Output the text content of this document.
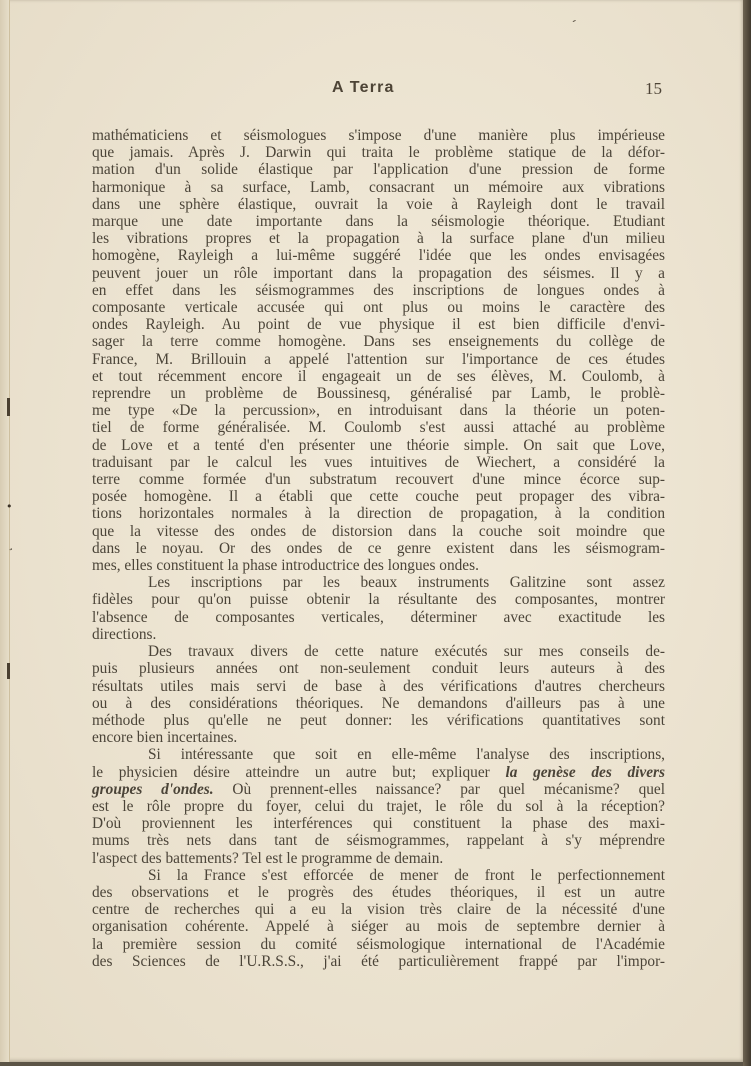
•
¸
-
A Terra	15
mathématiciens et séismologues s'impose d'une manière plus impérieuse
que jamais. Après J. Darwin qui traita le problème statique de la défor-
mation d'un solide élastique par l'application d'une pression de forme
harmonique à sa surface, Lamb, consacrant un mémoire aux vibrations
dans une sphère élastique, ouvrait la voie à Rayleigh dont le travail
marque une date importante dans la séismologie théorique. Etudiant
les vibrations propres et la propagation à la surface plane d'un milieu
homogène, Rayleigh a lui-même suggéré l'idée que les ondes envisagées
peuvent jouer un rôle important dans la propagation des séismes. Il y a
en effet dans les séismogrammes des inscriptions de longues ondes à
composante verticale accusée qui ont plus ou moins le caractère des
ondes Rayleigh. Au point de vue physique il est bien difficile d'envi-
sager la terre comme homogène. Dans ses enseignements du collège de
France, M. Brillouin a appelé l'attention sur l'importance de ces études
et tout récemment encore il engageait un de ses élèves, M. Coulomb, à
reprendre un problème de Boussinesq, généralisé par Lamb, le problè-
me type «De la percussion», en introduisant dans la théorie un poten-
tiel de forme généralisée. M. Coulomb s'est aussi attaché au problème
de Love et a tenté d'en présenter une théorie simple. On sait que Love,
traduisant par le calcul les vues intuitives de Wiechert, a considéré la
terre comme formée d'un substratum recouvert d'une mince écorce sup-
posée homogène. Il a établi que cette couche peut propager des vibra-
tions horizontales normales à la direction de propagation, à la condition
que la vitesse des ondes de distorsion dans la couche soit moindre que
dans le noyau. Or des ondes de ce genre existent dans les séismogram-
mes, elles constituent la phase introductrice des longues ondes.
Les inscriptions par les beaux instruments Galitzine sont assez
fidèles pour qu'on puisse obtenir la résultante des composantes, montrer
l'absence de composantes verticales, déterminer avec exactitude les
directions.
Des travaux divers de cette nature exécutés sur mes conseils de-
puis plusieurs années ont non-seulement conduit leurs auteurs à des
résultats utiles mais servi de base à des vérifications d'autres chercheurs
ou à des considérations théoriques. Ne demandons d'ailleurs pas à une
méthode plus qu'elle ne peut donner: les vérifications quantitatives sont
encore bien incertaines.
Si intéressante que soit en elle-même l'analyse des inscriptions,
le physicien désire atteindre un autre but; expliquer la genèse des divers
groupes d'ondes. Où prennent-elles naissance? par quel mécanisme? quel
est le rôle propre du foyer, celui du trajet, le rôle du sol à la réception?
D'où proviennent les interférences qui constituent la phase des maxi-
mums très nets dans tant de séismogrammes, rappelant à s'y méprendre
l'aspect des battements? Tel est le programme de demain.
Si la France s'est efforcée de mener de front le perfectionnement
des observations et le progrès des études théoriques, il est un autre
centre de recherches qui a eu la vision très claire de la nécessité d'une
organisation cohérente. Appelé à siéger au mois de septembre dernier à
la première session du comité séismologique international de l'Académie
des Sciences de l'U.R.S.S., j'ai été particulièrement frappé par l'impor-
